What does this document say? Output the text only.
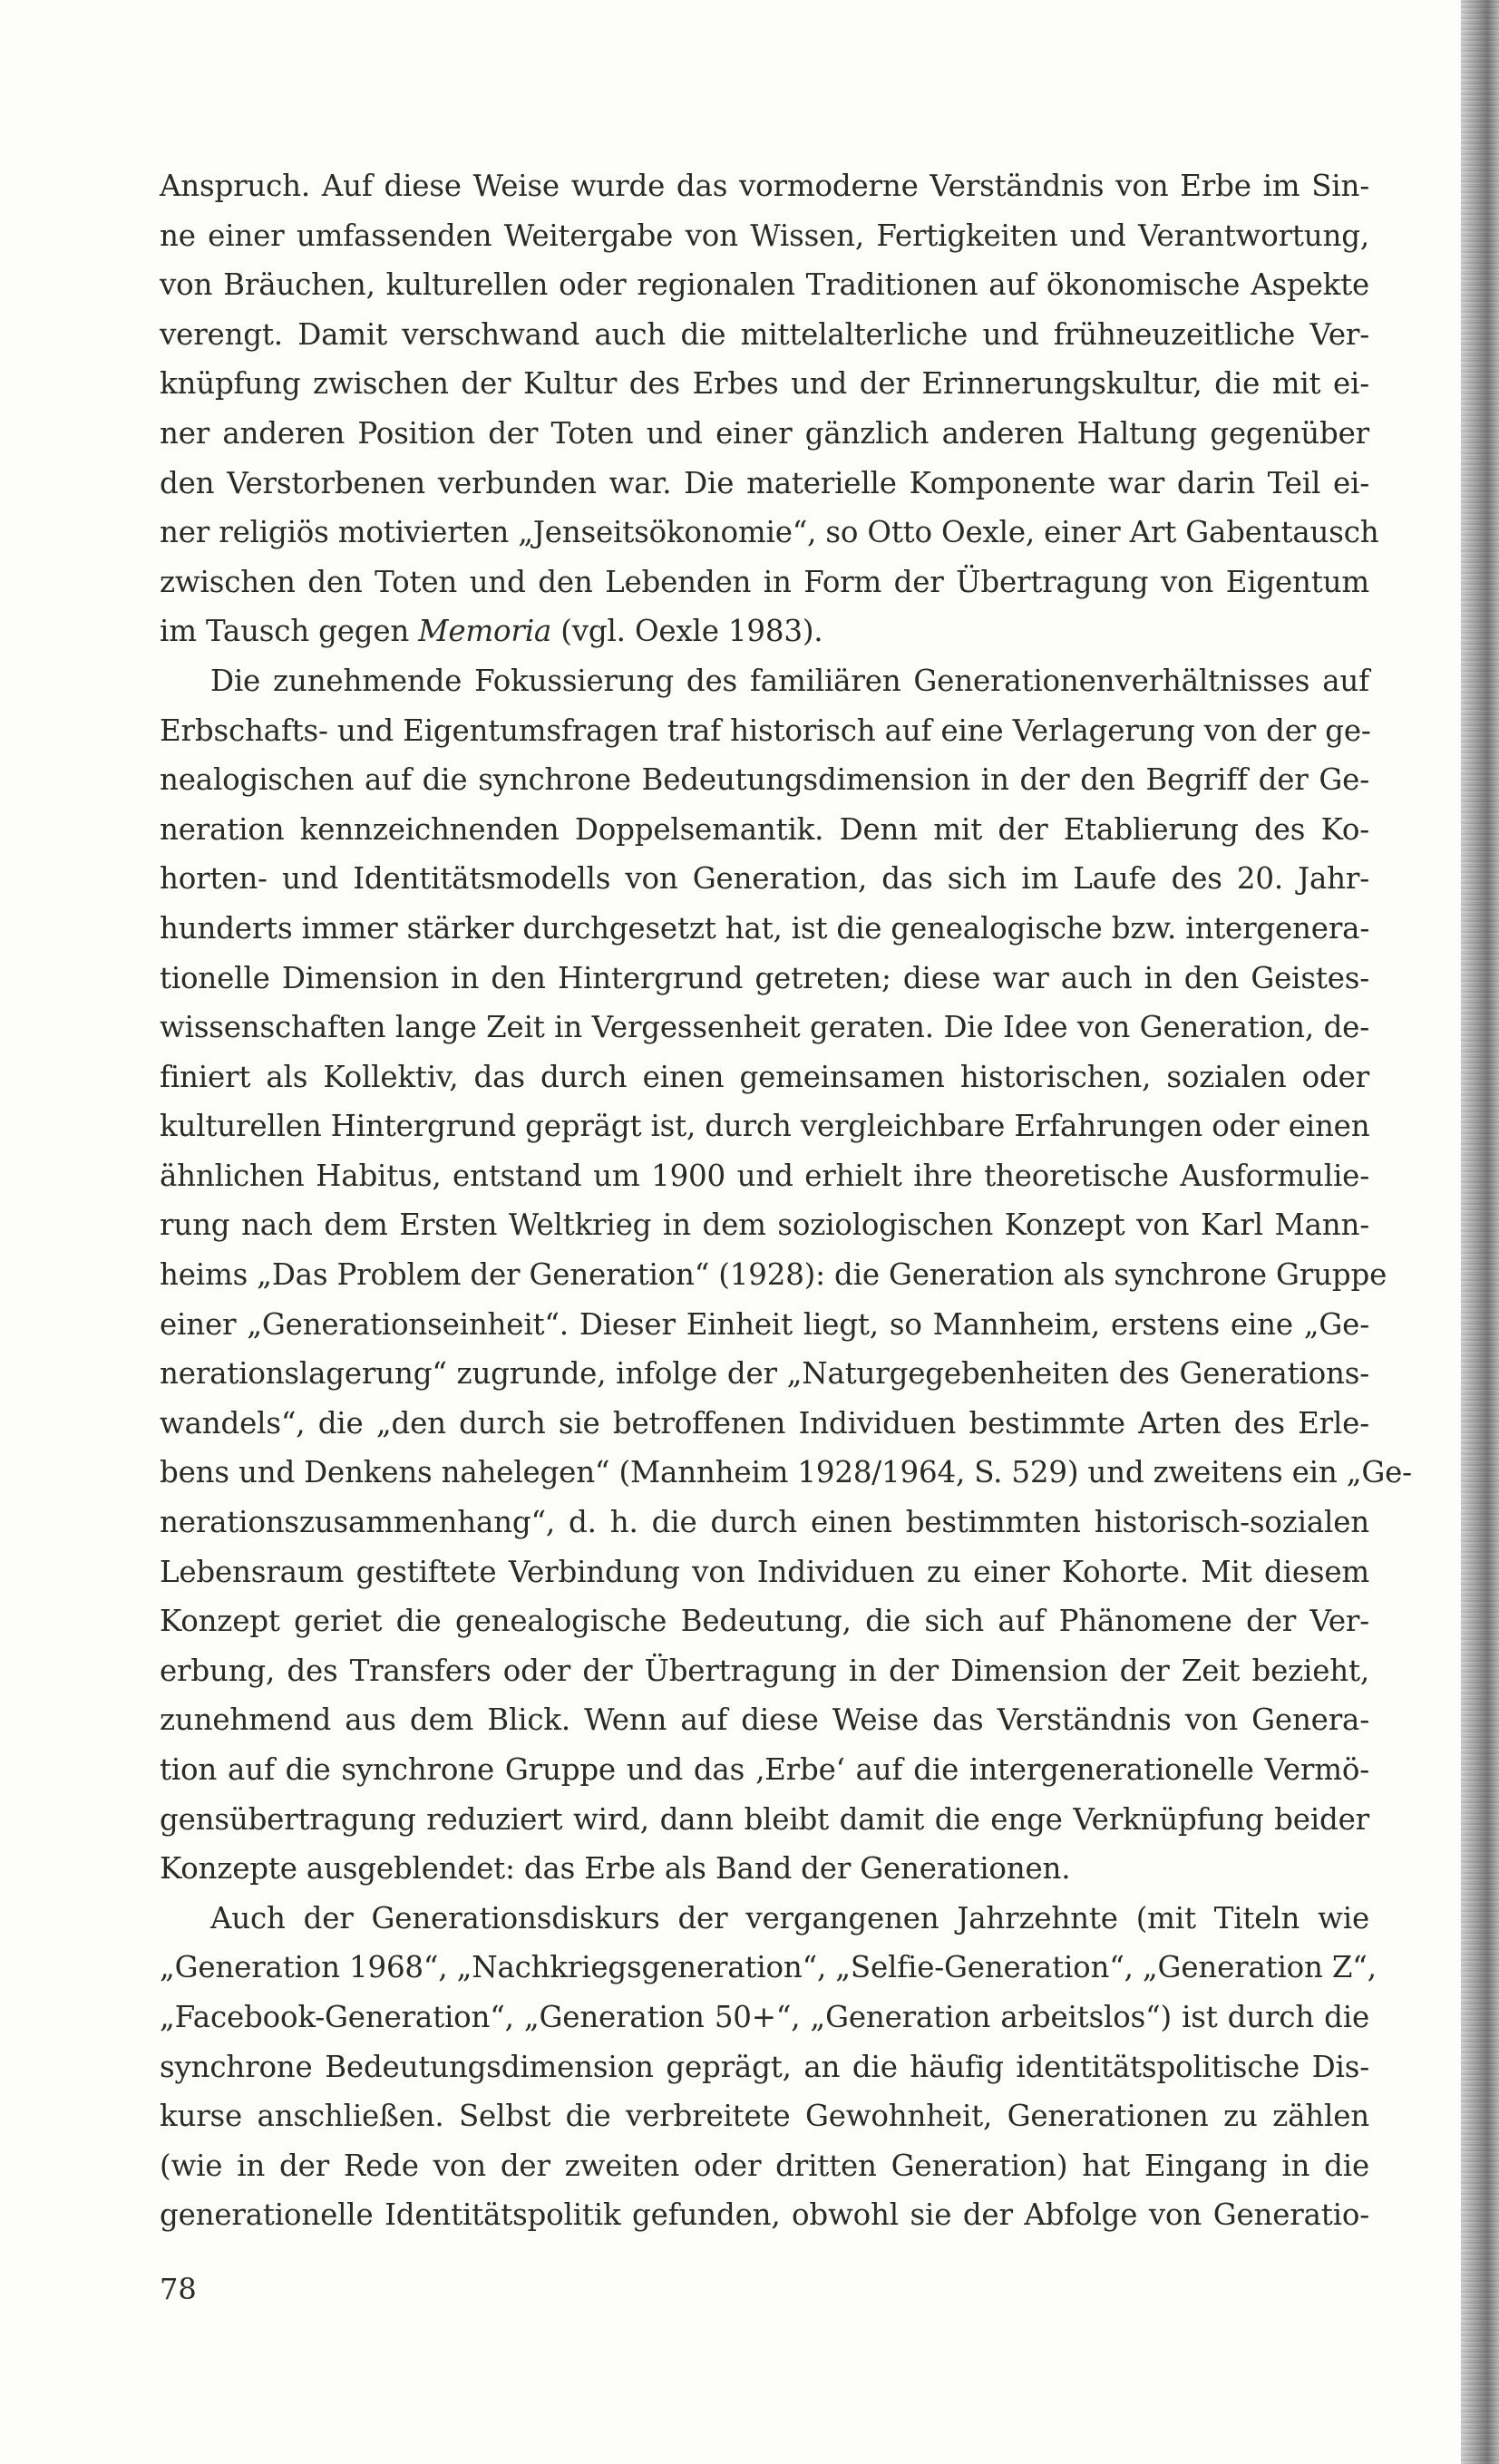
Anspruch. Auf diese Weise wurde das vormoderne Verständnis von Erbe im Sin-
ne einer umfassenden Weitergabe von Wissen, Fertigkeiten und Verantwortung,
von Bräuchen, kulturellen oder regionalen Traditionen auf ökonomische Aspekte
verengt. Damit verschwand auch die mittelalterliche und frühneuzeitliche Ver-
knüpfung zwischen der Kultur des Erbes und der Erinnerungskultur, die mit ei-
ner anderen Position der Toten und einer gänzlich anderen Haltung gegenüber
den Verstorbenen verbunden war. Die materielle Komponente war darin Teil ei-
ner religiös motivierten „Jenseitsökonomie“, so Otto Oexle, einer Art Gabentausch
zwischen den Toten und den Lebenden in Form der Übertragung von Eigentum
im Tausch gegen Memoria (vgl. Oexle 1983).
Die zunehmende Fokussierung des familiären Generationenverhältnisses auf
Erbschafts- und Eigentumsfragen traf historisch auf eine Verlagerung von der ge-
nealogischen auf die synchrone Bedeutungsdimension in der den Begriff der Ge-
neration kennzeichnenden Doppelsemantik. Denn mit der Etablierung des Ko-
horten- und Identitätsmodells von Generation, das sich im Laufe des 20. Jahr-
hunderts immer stärker durchgesetzt hat, ist die genealogische bzw. intergenera-
tionelle Dimension in den Hintergrund getreten; diese war auch in den Geistes-
wissenschaften lange Zeit in Vergessenheit geraten. Die Idee von Generation, de-
finiert als Kollektiv, das durch einen gemeinsamen historischen, sozialen oder
kulturellen Hintergrund geprägt ist, durch vergleichbare Erfahrungen oder einen
ähnlichen Habitus, entstand um 1900 und erhielt ihre theoretische Ausformulie-
rung nach dem Ersten Weltkrieg in dem soziologischen Konzept von Karl Mann-
heims „Das Problem der Generation“ (1928): die Generation als synchrone Gruppe
einer „Generationseinheit“. Dieser Einheit liegt, so Mannheim, erstens eine „Ge-
nerationslagerung“ zugrunde, infolge der „Naturgegebenheiten des Generations-
wandels“, die „den durch sie betroffenen Individuen bestimmte Arten des Erle-
bens und Denkens nahelegen“ (Mannheim 1928/1964, S. 529) und zweitens ein „Ge-
nerationszusammenhang“, d. h. die durch einen bestimmten historisch-sozialen
Lebensraum gestiftete Verbindung von Individuen zu einer Kohorte. Mit diesem
Konzept geriet die genealogische Bedeutung, die sich auf Phänomene der Ver-
erbung, des Transfers oder der Übertragung in der Dimension der Zeit bezieht,
zunehmend aus dem Blick. Wenn auf diese Weise das Verständnis von Genera-
tion auf die synchrone Gruppe und das ‚Erbe‘ auf die intergenerationelle Vermö-
gensübertragung reduziert wird, dann bleibt damit die enge Verknüpfung beider
Konzepte ausgeblendet: das Erbe als Band der Generationen.
Auch der Generationsdiskurs der vergangenen Jahrzehnte (mit Titeln wie
„Generation 1968“, „Nachkriegsgeneration“, „Selfie-Generation“, „Generation Z“,
„Facebook-Generation“, „Generation 50+“, „Generation arbeitslos“) ist durch die
synchrone Bedeutungsdimension geprägt, an die häufig identitätspolitische Dis-
kurse anschließen. Selbst die verbreitete Gewohnheit, Generationen zu zählen
(wie in der Rede von der zweiten oder dritten Generation) hat Eingang in die
generationelle Identitätspolitik gefunden, obwohl sie der Abfolge von Generatio-
78
